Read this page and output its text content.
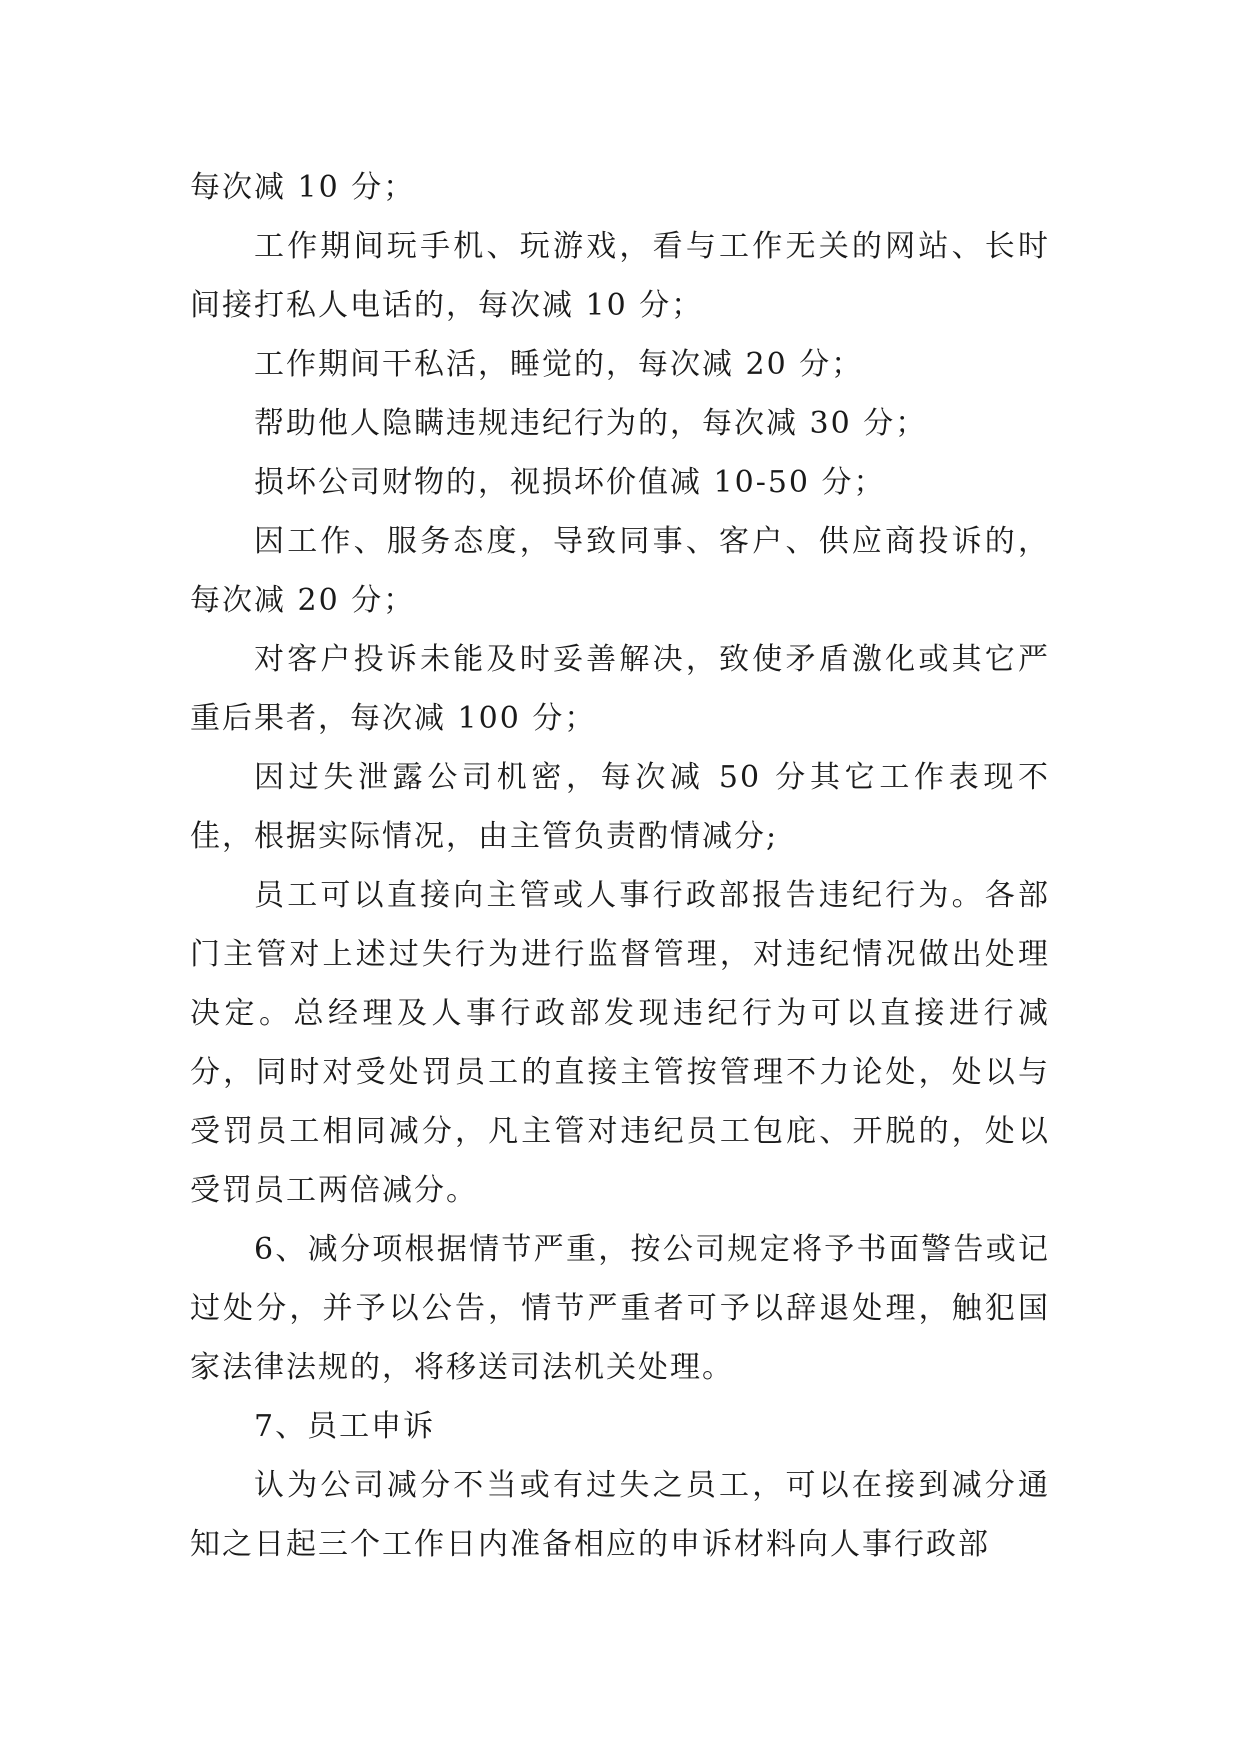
每次减 10 分；

工作期间玩手机、玩游戏，看与工作无关的网站、长时间接打私人电话的，每次减 10 分；

工作期间干私活，睡觉的，每次减 20 分；

帮助他人隐瞒违规违纪行为的，每次减 30 分；

损坏公司财物的，视损坏价值减 10-50 分；

因工作、服务态度，导致同事、客户、供应商投诉的，每次减 20 分；

对客户投诉未能及时妥善解决，致使矛盾激化或其它严重后果者，每次减 100 分；

因过失泄露公司机密，每次减 50 分其它工作表现不佳，根据实际情况，由主管负责酌情减分;

员工可以直接向主管或人事行政部报告违纪行为。各部门主管对上述过失行为进行监督管理，对违纪情况做出处理决定。总经理及人事行政部发现违纪行为可以直接进行减分，同时对受处罚员工的直接主管按管理不力论处，处以与受罚员工相同减分，凡主管对违纪员工包庇、开脱的，处以受罚员工两倍减分。

6、减分项根据情节严重，按公司规定将予书面警告或记过处分，并予以公告，情节严重者可予以辞退处理，触犯国家法律法规的，将移送司法机关处理。

7、员工申诉

认为公司减分不当或有过失之员工，可以在接到减分通知之日起三个工作日内准备相应的申诉材料向人事行政部
